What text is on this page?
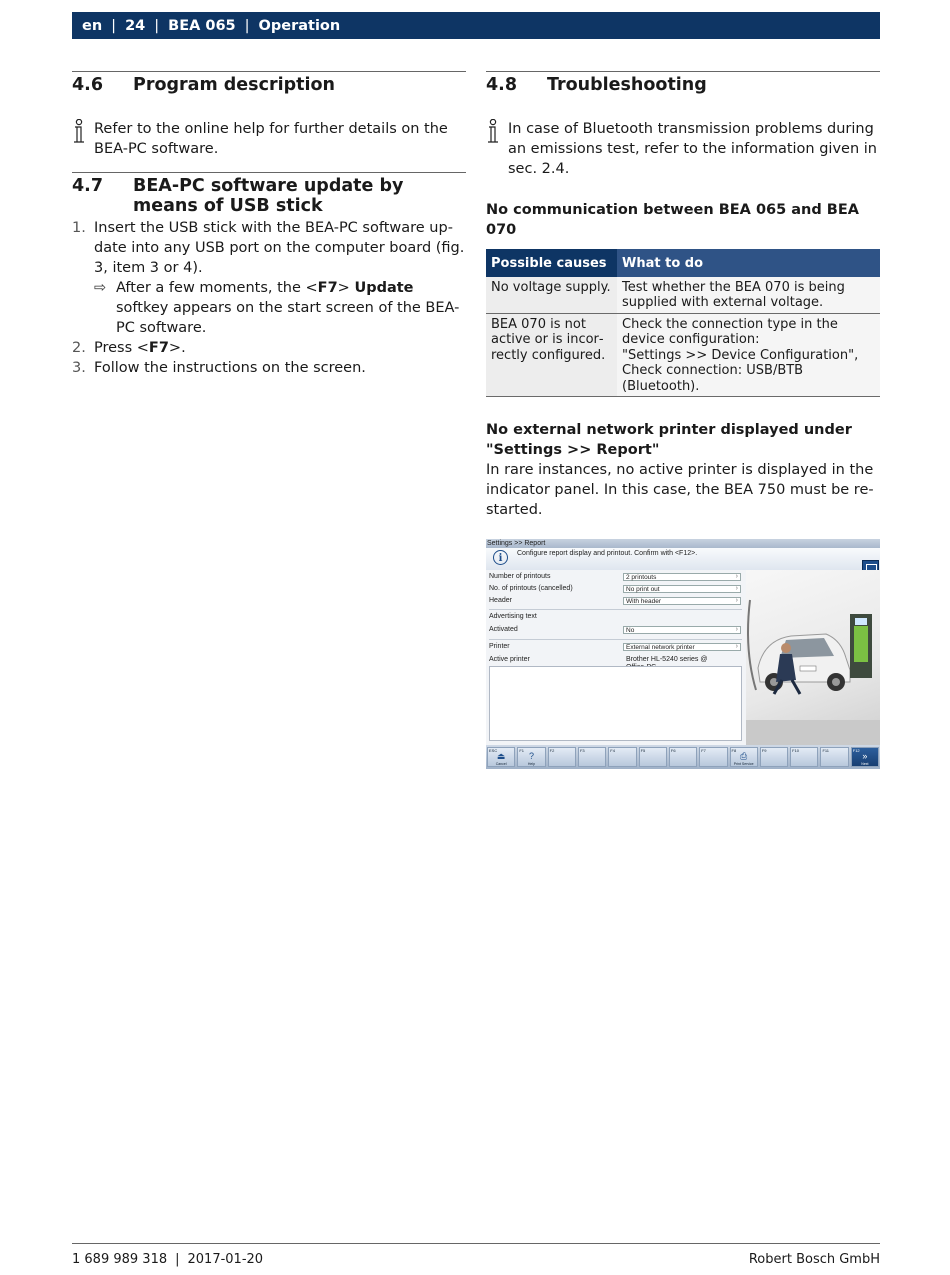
en | 24 | BEA 065 | Operation
4.6	Program description
Refer to the online help for further details on the BEA-PC software.
4.7	BEA-PC software update by means of USB stick
1. Insert the USB stick with the BEA-PC software update into any USB port on the computer board (fig. 3, item 3 or 4).
⇨ After a few moments, the <F7> Update softkey appears on the start screen of the BEA-PC software.
2. Press <F7>.
3. Follow the instructions on the screen.
4.8	Troubleshooting
In case of Bluetooth transmission problems during an emissions test, refer to the information given in sec. 2.4.
No communication between BEA 065 and BEA 070
Possible causes	What to do
No voltage supply.	Test whether the BEA 070 is being supplied with external voltage.
BEA 070 is not active or is incorrectly configured.	Check the connection type in the device configuration:
"Settings >> Device Configuration",
Check connection: USB/BTB (Bluetooth).
No external network printer displayed under "Settings >> Report"

In rare instances, no active printer is displayed in the indicator panel. In this case, the BEA 750 must be restarted.

Settings >> Report
i	Configure report display and printout. Confirm with <F12>.
Number of printouts	2 printouts ›
No. of printouts (cancelled)	No print out ›
Header	With header ›
Advertising text
Activated	No ›
Printer	External network printer ›
Active printer	Brother HL-5240 series @
ESC
⏏
Cancel
F1
?
Help
F2	F3	F4	F5	F6	F7	F8
⎙
Print Service
F9	F10	F11	F12
»
Next
1 689 989 318 | 2017-01-20	Robert Bosch GmbH
